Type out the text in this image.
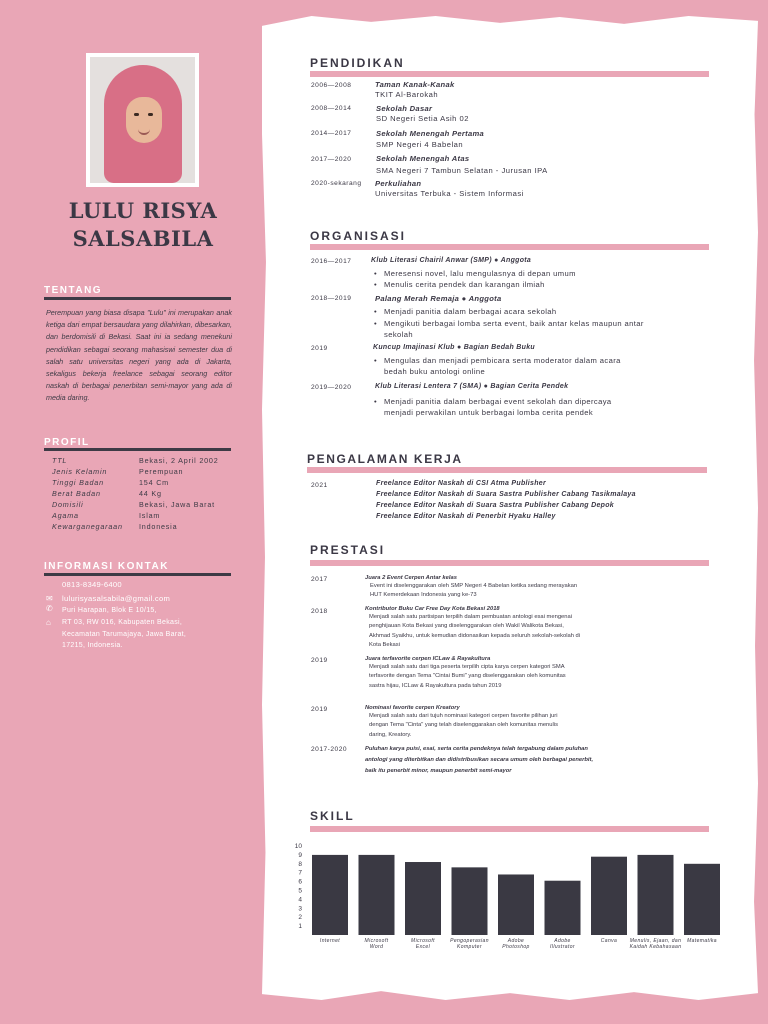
LULU RISYA
SALSABILA
TENTANG
Perempuan yang biasa disapa "Lulu" ini merupakan anak ketiga dari empat bersaudara yang dilahirkan, dibesarkan, dan berdomisili di Bekasi. Saat ini ia sedang menekuni pendidikan sebagai seorang mahasiswi semester dua di salah satu universitas negeri yang ada di Jakarta, sekaligus bekerja freelance sebagai seorang editor naskah di berbagai penerbitan semi-mayor yang ada di media daring.
PROFIL
TTL	Bekasi, 2 April 2002
Jenis Kelamin	Perempuan
Tinggi Badan	154 Cm
Berat Badan	44 Kg
Domisili	Bekasi, Jawa Barat
Agama	Islam
Kewarganegaraan Indonesia
INFORMASI KONTAK
0813-8349-6400
✉ lulurisyasalsabila@gmail.com
✆
⌂
Puri Harapan, Blok E 10/15,
RT 03, RW 016, Kabupaten Bekasi,
Kecamatan Tarumajaya, Jawa Barat,
17215, Indonesia.
PENDIDIKAN
2006—2008	Taman Kanak-Kanak
TKIT Al-Barokah
2008—2014	Sekolah Dasar
SD Negeri Setia Asih 02
2014—2017	Sekolah Menengah Pertama
SMP Negeri 4 Babelan
2017—2020	Sekolah Menengah Atas
SMA Negeri 7 Tambun Selatan - Jurusan IPA
2020-sekarang Perkuliahan
Universitas Terbuka - Sistem Informasi
ORGANISASI
2016—2017	Klub Literasi Chairil Anwar (SMP) ● Anggota
• Meresensi novel, lalu mengulasnya di depan umum
• Menulis cerita pendek dan karangan ilmiah
2018—2019	Palang Merah Remaja ● Anggota
• Menjadi panitia dalam berbagai acara sekolah
• Mengikuti berbagai lomba serta event, baik antar kelas maupun antar sekolah
2019	Kuncup Imajinasi Klub ● Bagian Bedah Buku
• Mengulas dan menjadi pembicara serta moderator dalam acara bedah buku antologi online
2019—2020	Klub Literasi Lentera 7 (SMA) ● Bagian Cerita Pendek
• Menjadi panitia dalam berbagai event sekolah dan dipercaya menjadi perwakilan untuk berbagai lomba cerita pendek
PENGALAMAN KERJA
2021	Freelance Editor Naskah di CSI Atma Publisher
Freelance Editor Naskah di Suara Sastra Publisher Cabang Tasikmalaya
Freelance Editor Naskah di Suara Sastra Publisher Cabang Depok
Freelance Editor Naskah di Penerbit Hyaku Halley
PRESTASI
2017	Juara 2 Event Cerpen Antar kelas
Event ini diselenggarakan oleh SMP Negeri 4 Babelan ketika sedang merayakan HUT Kemerdekaan Indonesia yang ke-73
2018	Kontributor Buku Car Free Day Kota Bekasi 2018
Menjadi salah satu partisipan terpilih dalam pembuatan antologi esai mengenai penghijauan Kota Bekasi yang diselenggarakan oleh Wakil Walikota Bekasi, Akhmad Syaikhu, untuk kemudian didonasikan kepada seluruh sekolah-sekolah di Kota Bekasi
2019	Juara terfavorite cerpen ICLaw & Rayakultura
Menjadi salah satu dari tiga peserta terpilih cipta karya cerpen kategori SMA terfavorite dengan Tema "Cintai Bumi" yang diselenggarakan oleh komunitas sastra hijau, ICLaw & Rayakultura pada tahun 2019
2019	Nominasi favorite cerpen Kreatory
Menjadi salah satu dari tujuh nominasi kategori cerpen favorite pilihan juri dengan Tema "Cinta" yang telah diselenggarakan oleh komunitas menulis daring, Kreatory.
2017-2020	Puluhan karya puisi, esai, serta cerita pendeknya telah tergabung dalam puluhan antologi yang diterbitkan dan didistribusikan secara umum oleh berbagai penerbit, baik itu penerbit minor, maupun penerbit semi-mayor
SKILL
1
2
3
4
5
6
7
8
9
10
Internet	Microsoft Word
Microsoft Excel
Pengoperasian Komputer
Adobe Photoshop
Adobe Illustrator
Canva	Menulis, Ejaan, dan Kaidah Kebahasaan
Matematika
